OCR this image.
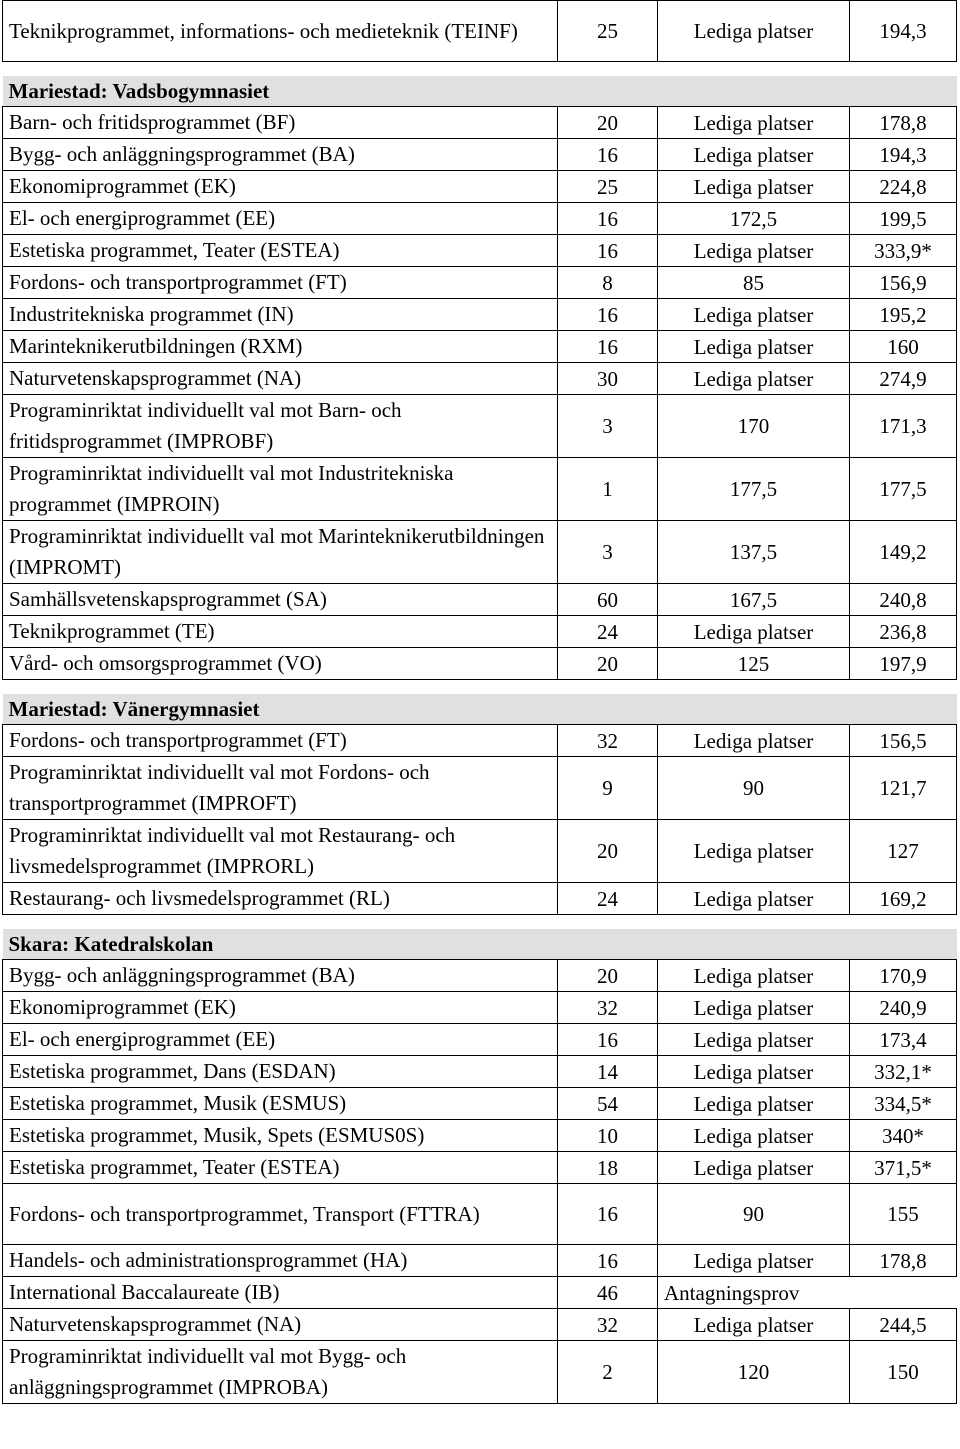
Teknikprogrammet, informations- och medieteknik (TEINF)	25	Lediga platser	194,3

Mariestad: Vadsbogymnasiet			
Barn- och fritidsprogrammet (BF)	20	Lediga platser	178,8
Bygg- och anläggningsprogrammet (BA)	16	Lediga platser	194,3
Ekonomiprogrammet (EK)	25	Lediga platser	224,8
El- och energiprogrammet (EE)	16	172,5	199,5
Estetiska programmet, Teater (ESTEA)	16	Lediga platser	333,9*
Fordons- och transportprogrammet (FT)	8	85	156,9
Industritekniska programmet (IN)	16	Lediga platser	195,2
Marinteknikerutbildningen (RXM)	16	Lediga platser	160
Naturvetenskapsprogrammet (NA)	30	Lediga platser	274,9
Programinriktat individuellt val mot Barn- och fritidsprogrammet (IMPROBF)	3	170	171,3
Programinriktat individuellt val mot Industritekniska programmet (IMPROIN)	1	177,5	177,5
Programinriktat individuellt val mot Marinteknikerutbildningen (IMPROMT)	3	137,5	149,2
Samhällsvetenskapsprogrammet (SA)	60	167,5	240,8
Teknikprogrammet (TE)	24	Lediga platser	236,8
Vård- och omsorgsprogrammet (VO)	20	125	197,9

Mariestad: Vänergymnasiet			
Fordons- och transportprogrammet (FT)	32	Lediga platser	156,5
Programinriktat individuellt val mot Fordons- och transportprogrammet (IMPROFT)	9	90	121,7
Programinriktat individuellt val mot Restaurang- och livsmedelsprogrammet (IMPRORL)	20	Lediga platser	127
Restaurang- och livsmedelsprogrammet (RL)	24	Lediga platser	169,2

Skara: Katedralskolan			
Bygg- och anläggningsprogrammet (BA)	20	Lediga platser	170,9
Ekonomiprogrammet (EK)	32	Lediga platser	240,9
El- och energiprogrammet (EE)	16	Lediga platser	173,4
Estetiska programmet, Dans (ESDAN)	14	Lediga platser	332,1*
Estetiska programmet, Musik (ESMUS)	54	Lediga platser	334,5*
Estetiska programmet, Musik, Spets (ESMUS0S)	10	Lediga platser	340*
Estetiska programmet, Teater (ESTEA)	18	Lediga platser	371,5*
Fordons- och transportprogrammet, Transport (FTTRA)	16	90	155
Handels- och administrationsprogrammet (HA)	16	Lediga platser	178,8
International Baccalaureate (IB)	46	Antagningsprov	
Naturvetenskapsprogrammet (NA)	32	Lediga platser	244,5
Programinriktat individuellt val mot Bygg- och anläggningsprogrammet (IMPROBA)	2	120	150
